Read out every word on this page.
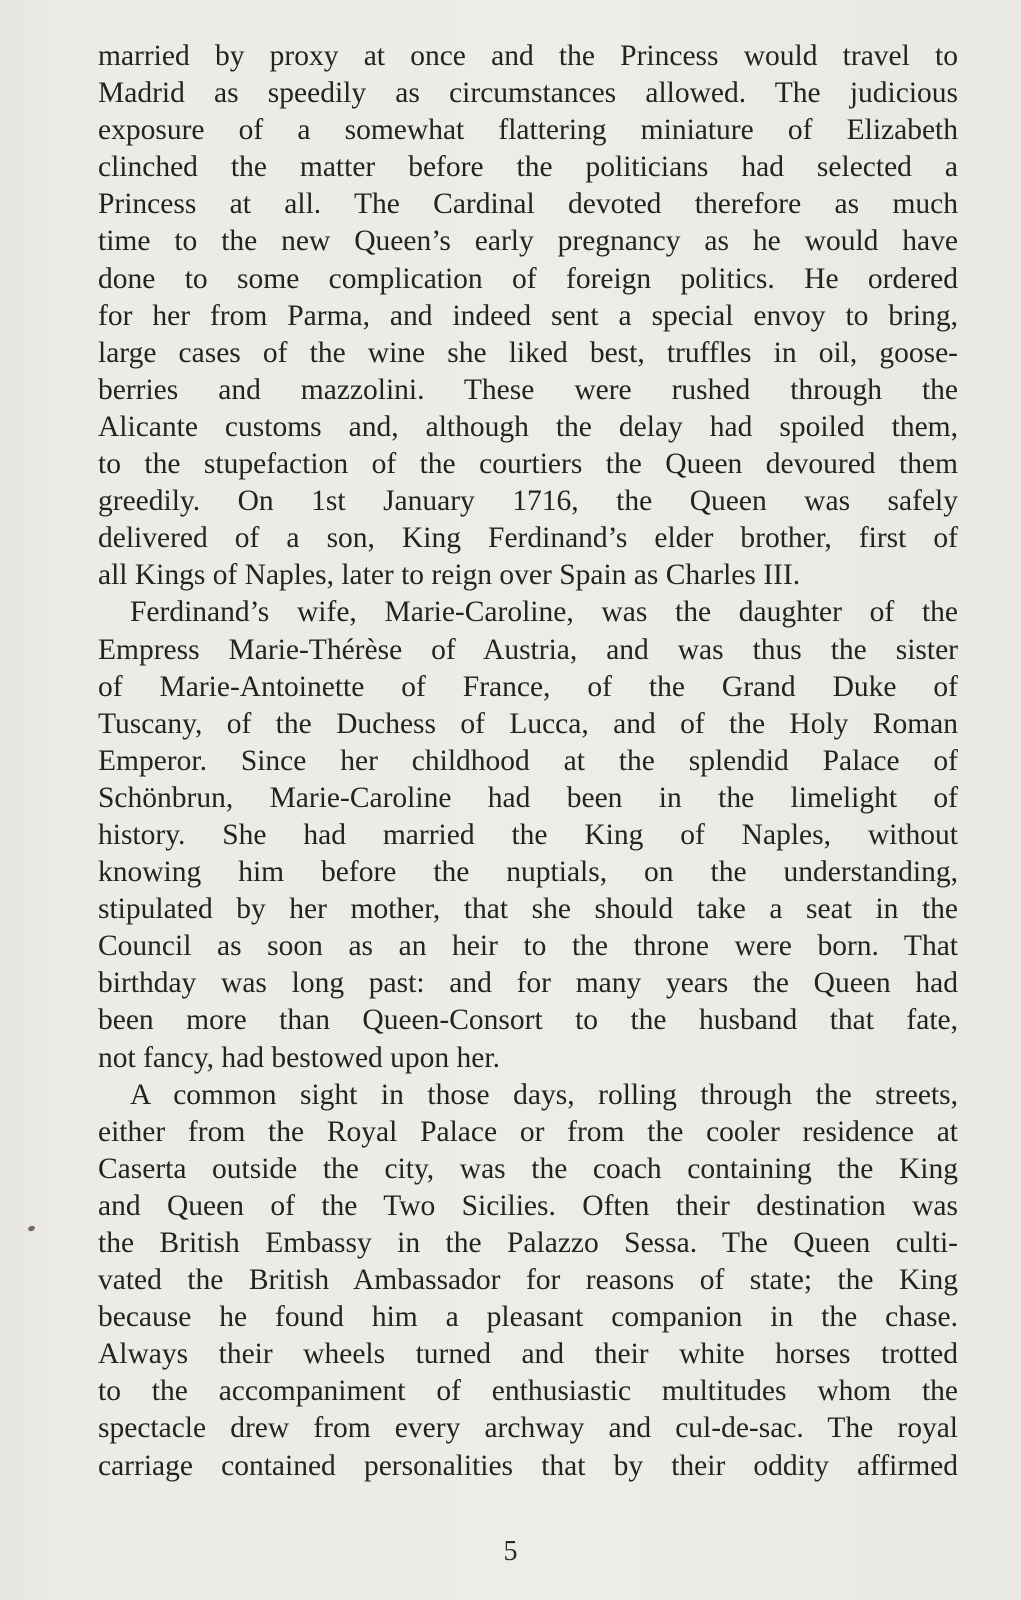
married by proxy at once and the Princess would travel to
Madrid as speedily as circumstances allowed. The judicious
exposure of a somewhat flattering miniature of Elizabeth
clinched the matter before the politicians had selected a
Princess at all. The Cardinal devoted therefore as much
time to the new Queen’s early pregnancy as he would have
done to some complication of foreign politics. He ordered
for her from Parma, and indeed sent a special envoy to bring,
large cases of the wine she liked best, truffles in oil, goose-
berries and mazzolini. These were rushed through the
Alicante customs and, although the delay had spoiled them,
to the stupefaction of the courtiers the Queen devoured them
greedily. On 1st January 1716, the Queen was safely
delivered of a son, King Ferdinand’s elder brother, first of
all Kings of Naples, later to reign over Spain as Charles III.
Ferdinand’s wife, Marie-Caroline, was the daughter of the
Empress Marie-Thérèse of Austria, and was thus the sister
of Marie-Antoinette of France, of the Grand Duke of
Tuscany, of the Duchess of Lucca, and of the Holy Roman
Emperor. Since her childhood at the splendid Palace of
Schönbrun, Marie-Caroline had been in the limelight of
history. She had married the King of Naples, without
knowing him before the nuptials, on the understanding,
stipulated by her mother, that she should take a seat in the
Council as soon as an heir to the throne were born. That
birthday was long past: and for many years the Queen had
been more than Queen-Consort to the husband that fate,
not fancy, had bestowed upon her.
A common sight in those days, rolling through the streets,
either from the Royal Palace or from the cooler residence at
Caserta outside the city, was the coach containing the King
and Queen of the Two Sicilies. Often their destination was
the British Embassy in the Palazzo Sessa. The Queen culti-
vated the British Ambassador for reasons of state; the King
because he found him a pleasant companion in the chase.
Always their wheels turned and their white horses trotted
to the accompaniment of enthusiastic multitudes whom the
spectacle drew from every archway and cul-de-sac. The royal
carriage contained personalities that by their oddity affirmed
5
